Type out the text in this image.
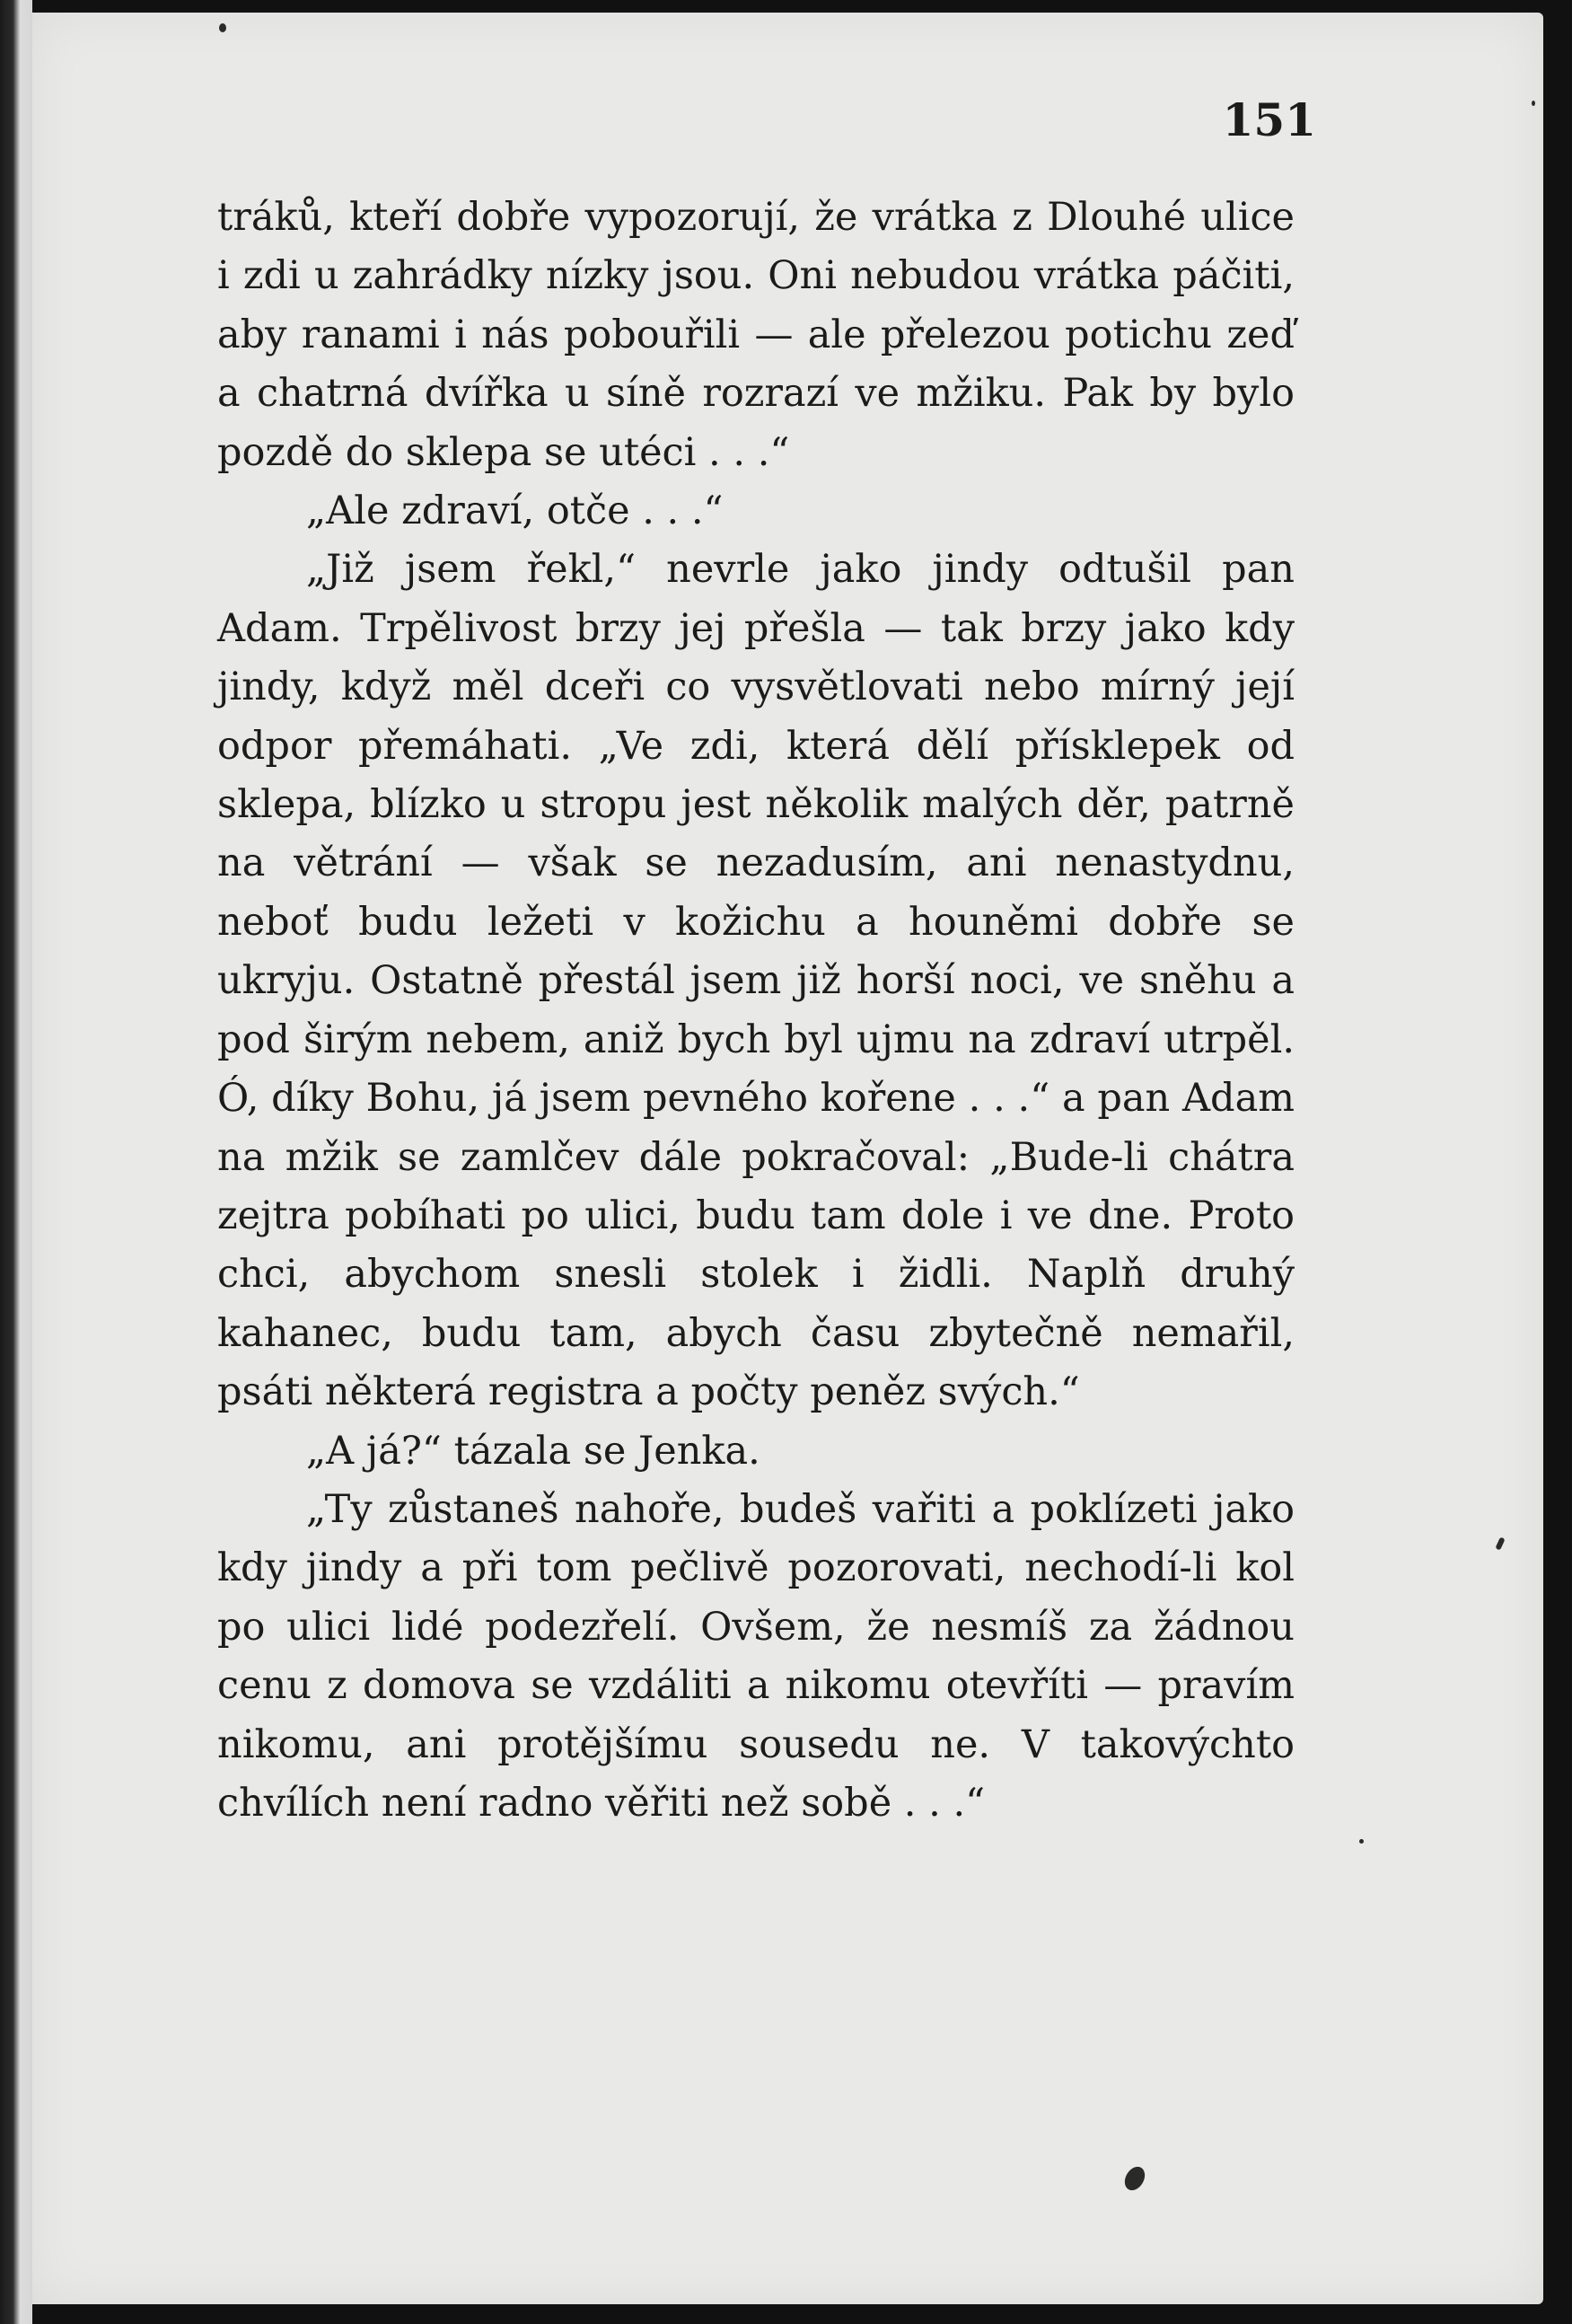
151

tráků, kteří dobře vypozorují, že vrátka z Dlouhé ulice i zdi u zahrádky nízky jsou. Oni nebudou vrátka páčiti, aby ranami i nás pobouřili — ale přelezou potichu zeď a chatrná dvířka u síně rozrazí ve mžiku. Pak by bylo pozdě do sklepa se utéci . . .“

„Ale zdraví, otče . . .“

„Již jsem řekl,“ nevrle jako jindy odtušil pan Adam. Trpělivost brzy jej přešla — tak brzy jako kdy jindy, když měl dceři co vysvětlovati nebo mírný její odpor přemáhati. „Ve zdi, která dělí přísklepek od sklepa, blízko u stropu jest několik malých děr, patrně na větrání — však se nezadusím, ani nenastydnu, neboť budu ležeti v kožichu a houněmi dobře se ukryju. Ostatně přestál jsem již horší noci, ve sněhu a pod širým nebem, aniž bych byl ujmu na zdraví utrpěl. Ó, díky Bohu, já jsem pevného kořene . . .“ a pan Adam na mžik se zamlčev dále pokračoval: „Bude-li chátra zejtra pobíhati po ulici, budu tam dole i ve dne. Proto chci, abychom snesli stolek i židli. Naplň druhý kahanec, budu tam, abych času zbytečně nemařil, psáti některá registra a počty peněz svých.“

„A já?“ tázala se Jenka.

„Ty zůstaneš nahoře, budeš vařiti a poklízeti jako kdy jindy a při tom pečlivě pozorovati, nechodí-li kol po ulici lidé podezřelí. Ovšem, že nesmíš za žádnou cenu z domova se vzdáliti a nikomu otevříti — pravím nikomu, ani protějšímu sousedu ne. V takovýchto chvílích není radno věřiti než sobě . . .“
